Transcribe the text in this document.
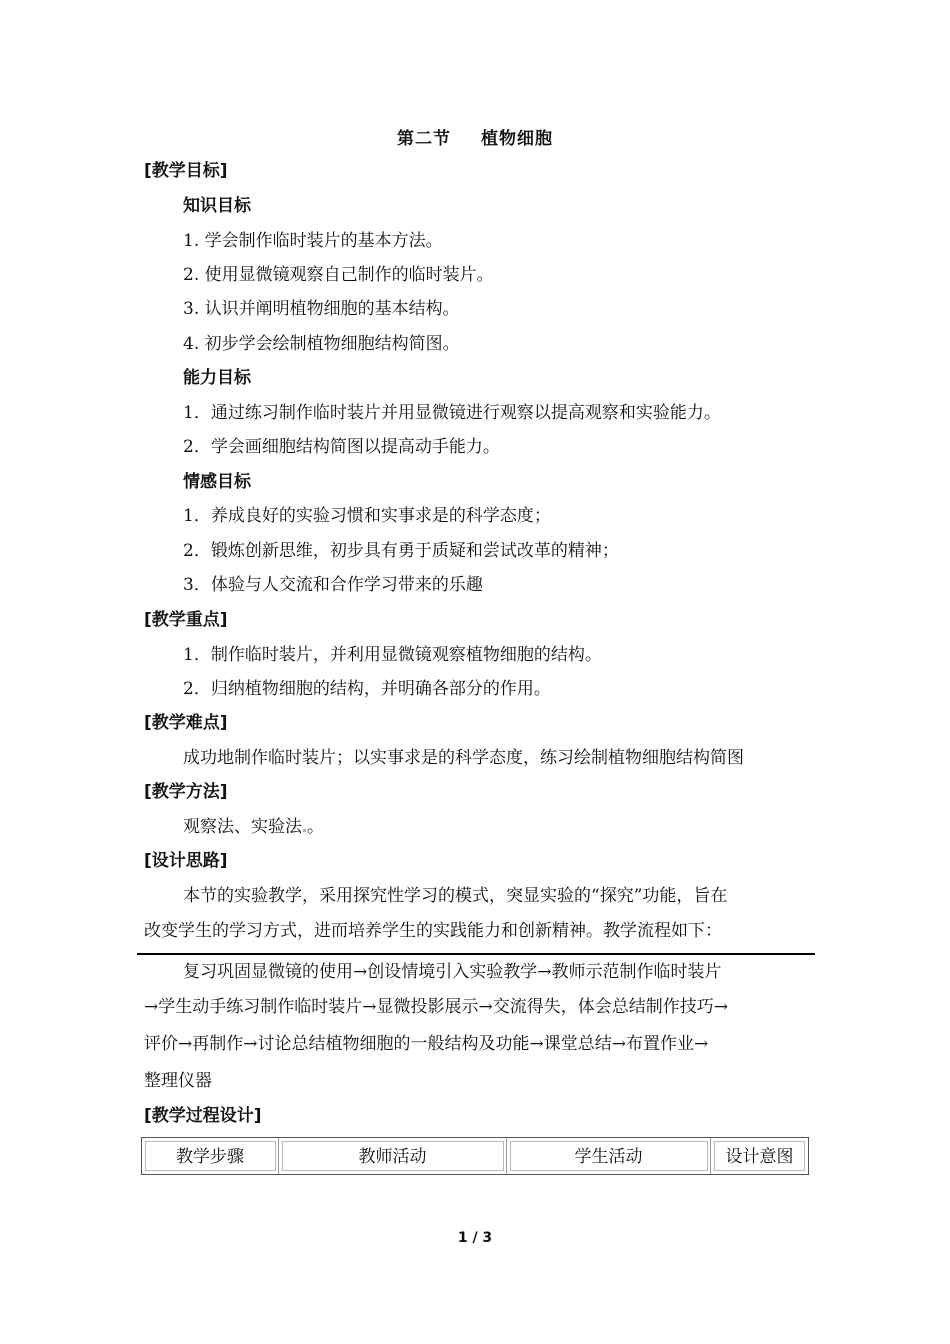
第二节 植物细胞
[教学目标]
知识目标
1. 学会制作临时装片的基本方法。
2. 使用显微镜观察自己制作的临时装片。
3. 认识并阐明植物细胞的基本结构。
4. 初步学会绘制植物细胞结构简图。
能力目标
1．通过练习制作临时装片并用显微镜进行观察以提高观察和实验能力。
2．学会画细胞结构简图以提高动手能力。
情感目标
1．养成良好的实验习惯和实事求是的科学态度；
2．锻炼创新思维，初步具有勇于质疑和尝试改革的精神；
3．体验与人交流和合作学习带来的乐趣
[教学重点]
1．制作临时装片，并利用显微镜观察植物细胞的结构。
2．归纳植物细胞的结构，并明确各部分的作用。
[教学难点]
成功地制作临时装片；以实事求是的科学态度，练习绘制植物细胞结构简图
[教学方法]
观察法、实验法 。
[设计思路]
本节的实验教学，采用探究性学习的模式，突显实验的“探究”功能，旨在
改变学生的学习方式，进而培养学生的实践能力和创新精神。教学流程如下：
复习巩固显微镜的使用→创设情境引入实验教学→教师示范制作临时装片
→学生动手练习制作临时装片→显微投影展示→交流得失，体会总结制作技巧→
评价→再制作→讨论总结植物细胞的一般结构及功能→课堂总结→布置作业→
整理仪器
[教学过程设计]
教学步骤	教师活动	学生活动	设计意图
1 / 3
